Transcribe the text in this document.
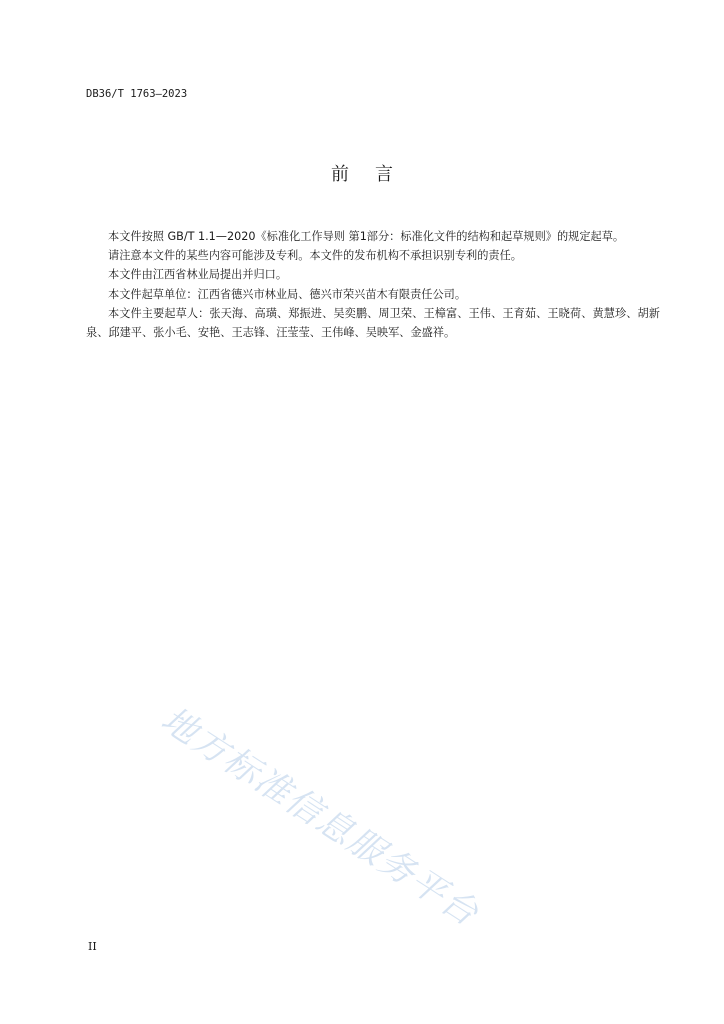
DB36/T 1763—2023
前言

本文件按照 GB/T 1.1—2020《标准化工作导则 第1部分：标准化文件的结构和起草规则》的规定起草。

请注意本文件的某些内容可能涉及专利。本文件的发布机构不承担识别专利的责任。

本文件由江西省林业局提出并归口。

本文件起草单位：江西省德兴市林业局、德兴市荣兴苗木有限责任公司。

本文件主要起草人：张天海、高璜、郑振进、吴奕鹏、周卫荣、王樟富、王伟、王育茹、王晓荷、黄慧珍、胡新泉、邱建平、张小毛、安艳、王志锋、汪莹莹、王伟峰、吴映军、金盛祥。

地方标准信息服务平台
II
